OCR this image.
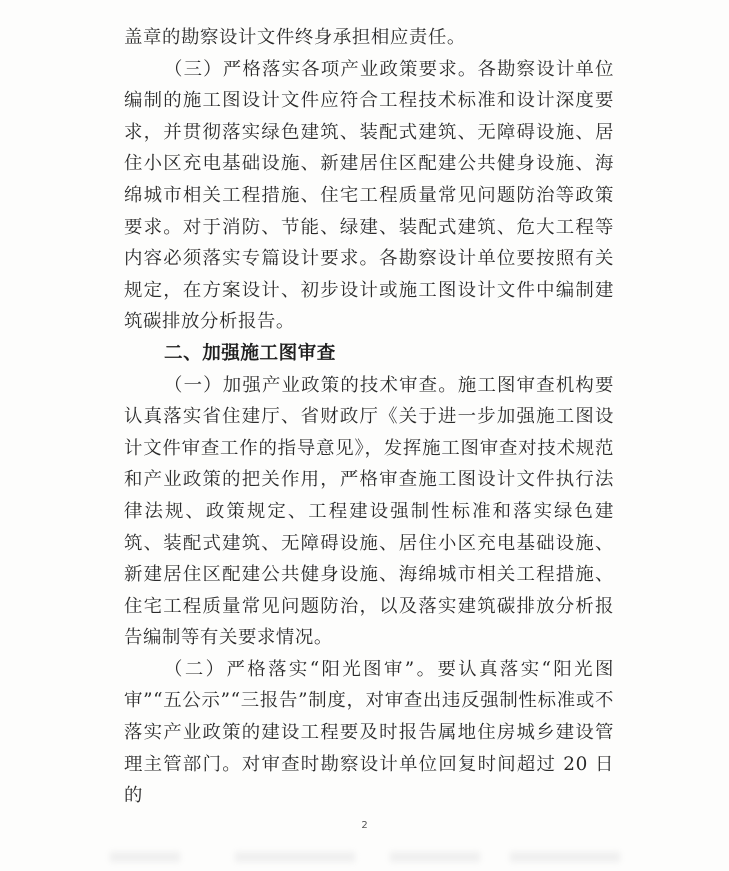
盖章的勘察设计文件终身承担相应责任。

（三）严格落实各项产业政策要求。各勘察设计单位编制的施工图设计文件应符合工程技术标准和设计深度要求，并贯彻落实绿色建筑、装配式建筑、无障碍设施、居住小区充电基础设施、新建居住区配建公共健身设施、海绵城市相关工程措施、住宅工程质量常见问题防治等政策要求。对于消防、节能、绿建、装配式建筑、危大工程等内容必须落实专篇设计要求。各勘察设计单位要按照有关规定，在方案设计、初步设计或施工图设计文件中编制建筑碳排放分析报告。

二、加强施工图审查

（一）加强产业政策的技术审查。施工图审查机构要认真落实省住建厅、省财政厅《关于进一步加强施工图设计文件审查工作的指导意见》，发挥施工图审查对技术规范和产业政策的把关作用，严格审查施工图设计文件执行法律法规、政策规定、工程建设强制性标准和落实绿色建筑、装配式建筑、无障碍设施、居住小区充电基础设施、新建居住区配建公共健身设施、海绵城市相关工程措施、住宅工程质量常见问题防治，以及落实建筑碳排放分析报告编制等有关要求情况。

（二）严格落实“阳光图审”。要认真落实“阳光图审”“五公示”“三报告”制度，对审查出违反强制性标准或不落实产业政策的建设工程要及时报告属地住房城乡建设管理主管部门。对审查时勘察设计单位回复时间超过 20 日的

2
